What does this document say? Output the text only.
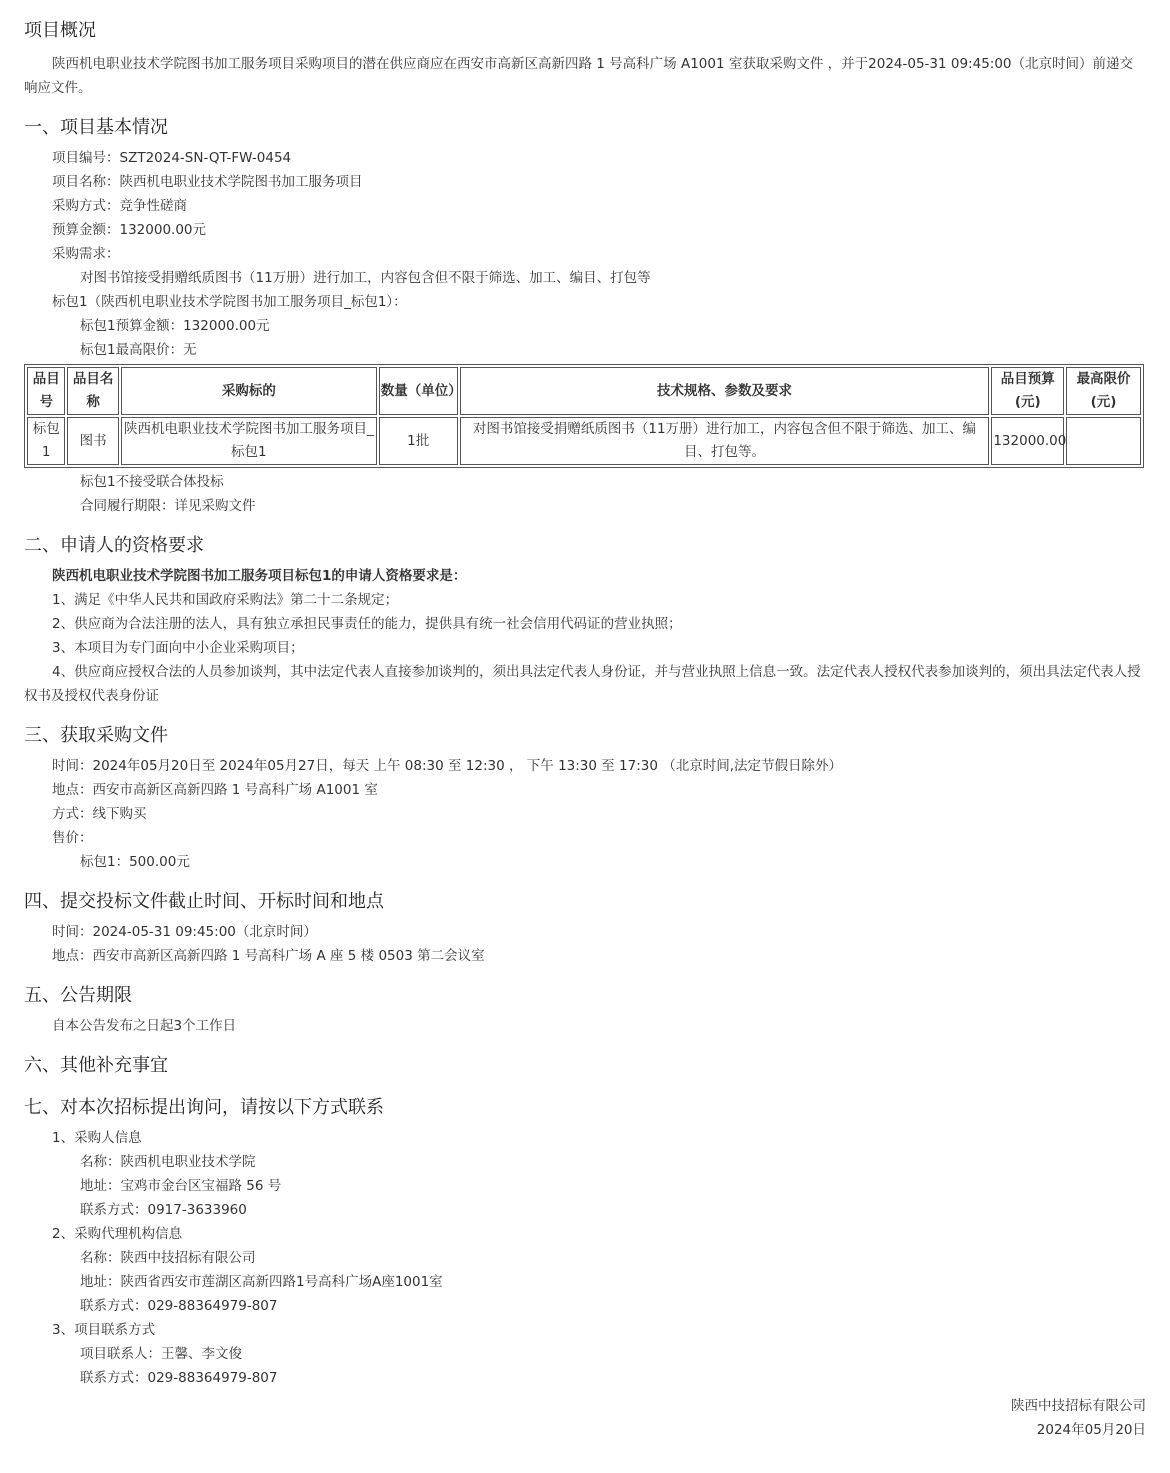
项目概况
陕西机电职业技术学院图书加工服务项目采购项目的潜在供应商应在西安市高新区高新四路 1 号高科广场 A1001 室获取采购文件 ，并于2024-05-31 09:45:00（北京时间）前递交响应文件。
一、项目基本情况
项目编号：SZT2024-SN-QT-FW-0454
项目名称：陕西机电职业技术学院图书加工服务项目
采购方式：竞争性磋商
预算金额：132000.00元
采购需求：
对图书馆接受捐赠纸质图书（11万册）进行加工，内容包含但不限于筛选、加工、编目、打包等
标包1（陕西机电职业技术学院图书加工服务项目_标包1）：
标包1预算金额：132000.00元
标包1最高限价：无
品目号	品目名称	采购标的	数量（单位）	技术规格、参数及要求	品目预算(元)	最高限价(元)
标包1	图书	陕西机电职业技术学院图书加工服务项目_标包1	1批	对图书馆接受捐赠纸质图书（11万册）进行加工，内容包含但不限于筛选、加工、编目、打包等。	132000.00	
标包1不接受联合体投标
合同履行期限：详见采购文件
二、申请人的资格要求
陕西机电职业技术学院图书加工服务项目标包1的申请人资格要求是：
1、满足《中华人民共和国政府采购法》第二十二条规定；
2、供应商为合法注册的法人，具有独立承担民事责任的能力，提供具有统一社会信用代码证的营业执照；
3、本项目为专门面向中小企业采购项目；
4、供应商应授权合法的人员参加谈判，其中法定代表人直接参加谈判的，须出具法定代表人身份证，并与营业执照上信息一致。法定代表人授权代表参加谈判的，须出具法定代表人授权书及授权代表身份证
三、获取采购文件
时间：2024年05月20日至 2024年05月27日，每天 上午 08:30 至 12:30 ， 下午 13:30 至 17:30 （北京时间,法定节假日除外）
地点：西安市高新区高新四路 1 号高科广场 A1001 室
方式：线下购买
售价：
标包1：500.00元
四、提交投标文件截止时间、开标时间和地点
时间：2024-05-31 09:45:00（北京时间）
地点：西安市高新区高新四路 1 号高科广场 A 座 5 楼 0503 第二会议室
五、公告期限
自本公告发布之日起3个工作日
六、其他补充事宜
七、对本次招标提出询问，请按以下方式联系
1、采购人信息
名称：陕西机电职业技术学院
地址：宝鸡市金台区宝福路 56 号
联系方式：0917-3633960
2、采购代理机构信息
名称：陕西中技招标有限公司
地址：陕西省西安市莲湖区高新四路1号高科广场A座1001室
联系方式：029-88364979-807
3、项目联系方式
项目联系人：王馨、李文俊
联系方式：029-88364979-807
陕西中技招标有限公司
2024年05月20日
